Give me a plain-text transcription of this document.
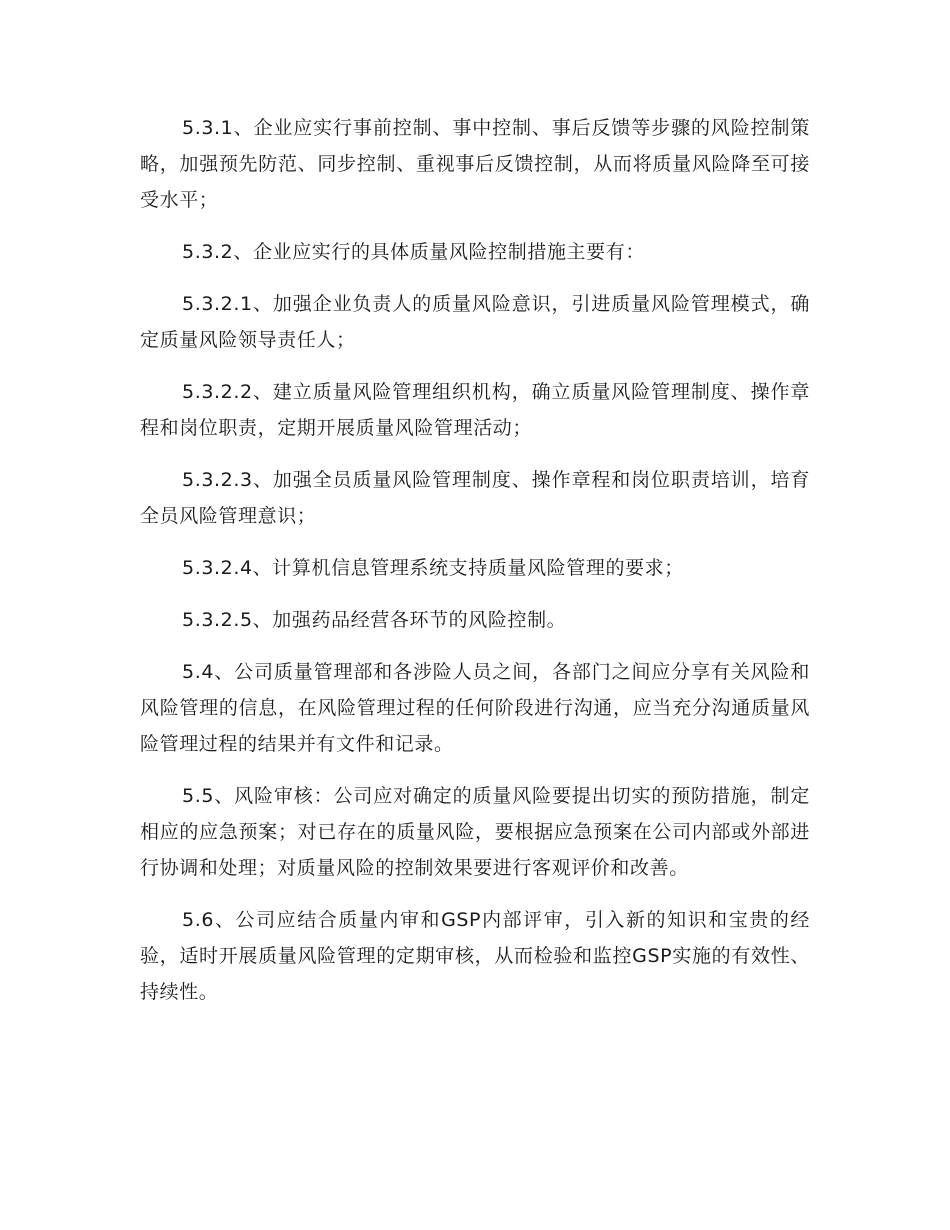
5.3.1、企业应实行事前控制、事中控制、事后反馈等步骤的风险控制策略，加强预先防范、同步控制、重视事后反馈控制，从而将质量风险降至可接受水平；

5.3.2、企业应实行的具体质量风险控制措施主要有：

5.3.2.1、加强企业负责人的质量风险意识，引进质量风险管理模式，确定质量风险领导责任人；

5.3.2.2、建立质量风险管理组织机构，确立质量风险管理制度、操作章程和岗位职责，定期开展质量风险管理活动；

5.3.2.3、加强全员质量风险管理制度、操作章程和岗位职责培训，培育全员风险管理意识；

5.3.2.4、计算机信息管理系统支持质量风险管理的要求；

5.3.2.5、加强药品经营各环节的风险控制。

5.4、公司质量管理部和各涉险人员之间，各部门之间应分享有关风险和风险管理的信息，在风险管理过程的任何阶段进行沟通，应当充分沟通质量风险管理过程的结果并有文件和记录。

5.5、风险审核：公司应对确定的质量风险要提出切实的预防措施，制定相应的应急预案；对已存在的质量风险，要根据应急预案在公司内部或外部进行协调和处理；对质量风险的控制效果要进行客观评价和改善。

5.6、公司应结合质量内审和GSP内部评审，引入新的知识和宝贵的经验，适时开展质量风险管理的定期审核，从而检验和监控GSP实施的有效性、持续性。
